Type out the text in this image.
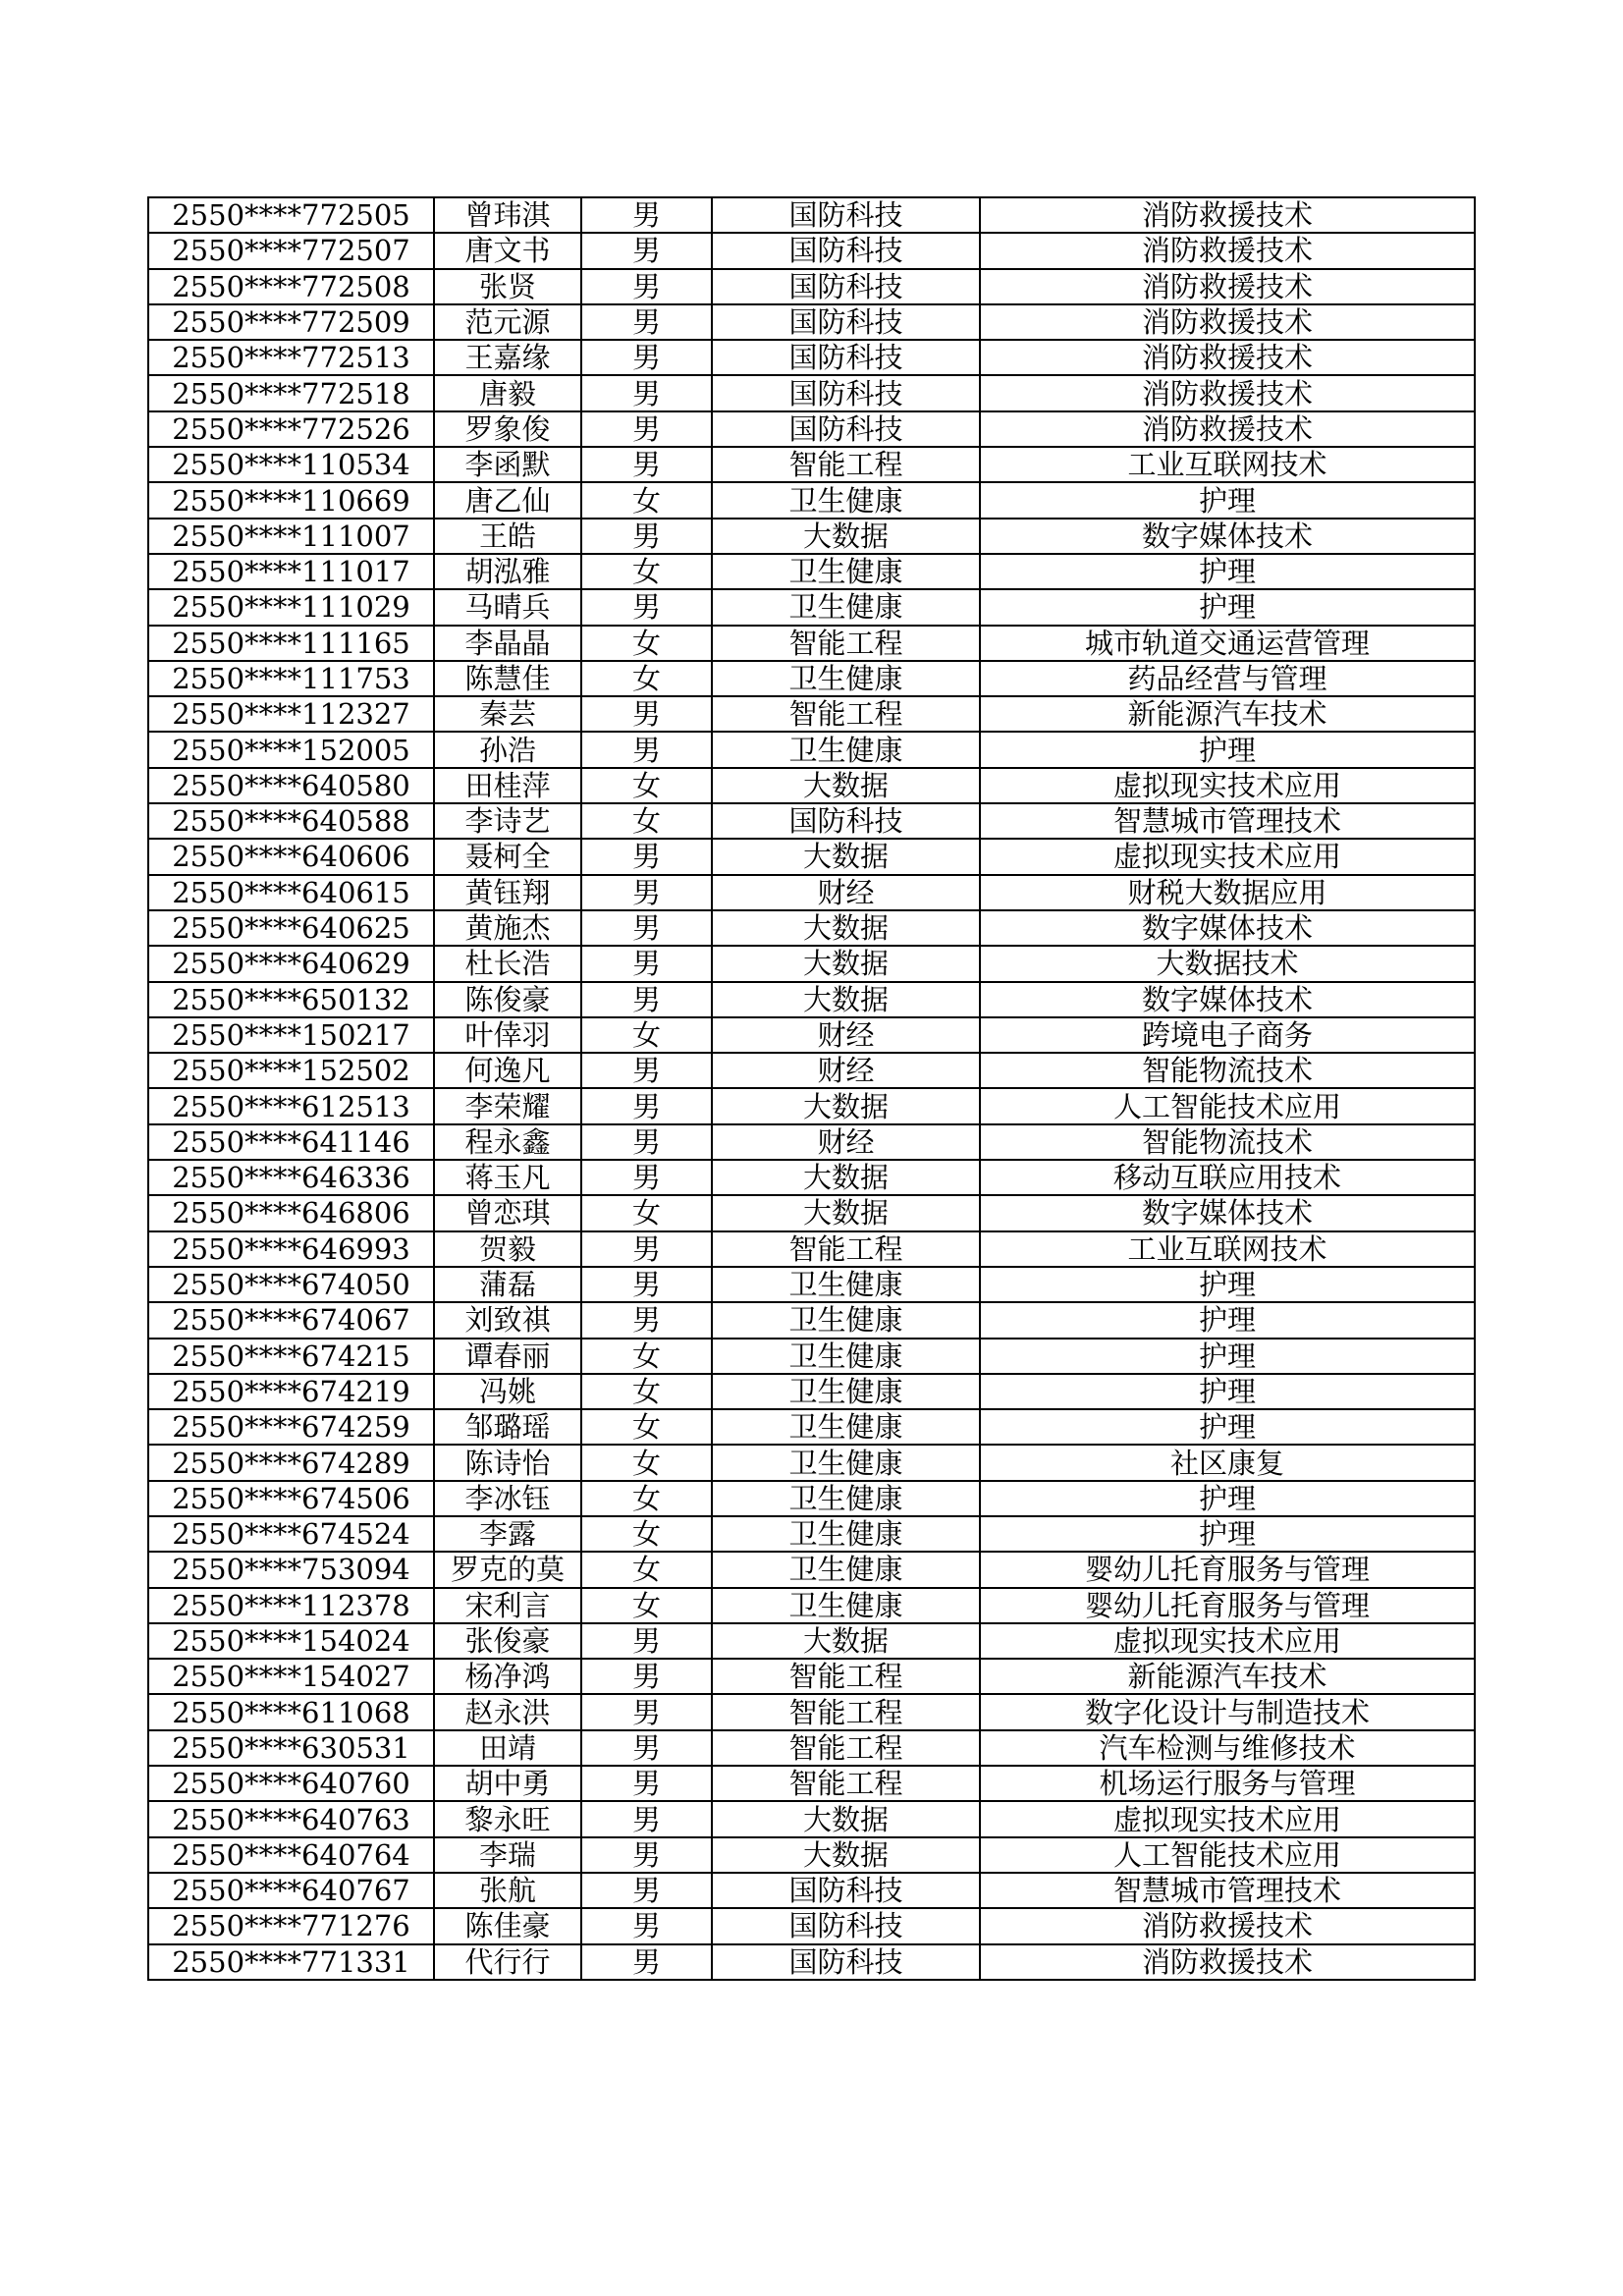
2550****772505	曾玮淇	男	国防科技	消防救援技术
2550****772507	唐文书	男	国防科技	消防救援技术
2550****772508	张贤	男	国防科技	消防救援技术
2550****772509	范元源	男	国防科技	消防救援技术
2550****772513	王嘉缘	男	国防科技	消防救援技术
2550****772518	唐毅	男	国防科技	消防救援技术
2550****772526	罗象俊	男	国防科技	消防救援技术
2550****110534	李函默	男	智能工程	工业互联网技术
2550****110669	唐乙仙	女	卫生健康	护理
2550****111007	王皓	男	大数据	数字媒体技术
2550****111017	胡泓雅	女	卫生健康	护理
2550****111029	马晴兵	男	卫生健康	护理
2550****111165	李晶晶	女	智能工程	城市轨道交通运营管理
2550****111753	陈慧佳	女	卫生健康	药品经营与管理
2550****112327	秦芸	男	智能工程	新能源汽车技术
2550****152005	孙浩	男	卫生健康	护理
2550****640580	田桂萍	女	大数据	虚拟现实技术应用
2550****640588	李诗艺	女	国防科技	智慧城市管理技术
2550****640606	聂柯全	男	大数据	虚拟现实技术应用
2550****640615	黄钰翔	男	财经	财税大数据应用
2550****640625	黄施杰	男	大数据	数字媒体技术
2550****640629	杜长浩	男	大数据	大数据技术
2550****650132	陈俊豪	男	大数据	数字媒体技术
2550****150217	叶倖羽	女	财经	跨境电子商务
2550****152502	何逸凡	男	财经	智能物流技术
2550****612513	李荣耀	男	大数据	人工智能技术应用
2550****641146	程永鑫	男	财经	智能物流技术
2550****646336	蒋玉凡	男	大数据	移动互联应用技术
2550****646806	曾恋琪	女	大数据	数字媒体技术
2550****646993	贺毅	男	智能工程	工业互联网技术
2550****674050	蒲磊	男	卫生健康	护理
2550****674067	刘致祺	男	卫生健康	护理
2550****674215	谭春丽	女	卫生健康	护理
2550****674219	冯姚	女	卫生健康	护理
2550****674259	邹璐瑶	女	卫生健康	护理
2550****674289	陈诗怡	女	卫生健康	社区康复
2550****674506	李冰钰	女	卫生健康	护理
2550****674524	李露	女	卫生健康	护理
2550****753094	罗克的莫	女	卫生健康	婴幼儿托育服务与管理
2550****112378	宋利言	女	卫生健康	婴幼儿托育服务与管理
2550****154024	张俊豪	男	大数据	虚拟现实技术应用
2550****154027	杨净鸿	男	智能工程	新能源汽车技术
2550****611068	赵永洪	男	智能工程	数字化设计与制造技术
2550****630531	田靖	男	智能工程	汽车检测与维修技术
2550****640760	胡中勇	男	智能工程	机场运行服务与管理
2550****640763	黎永旺	男	大数据	虚拟现实技术应用
2550****640764	李瑞	男	大数据	人工智能技术应用
2550****640767	张航	男	国防科技	智慧城市管理技术
2550****771276	陈佳豪	男	国防科技	消防救援技术
2550****771331	代行行	男	国防科技	消防救援技术
